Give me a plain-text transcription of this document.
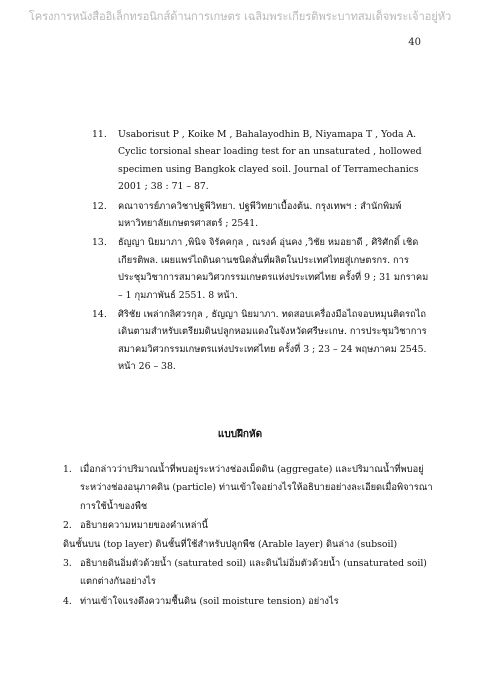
โครงการหนังสืออิเล็กทรอนิกส์ด้านการเกษตร เฉลิมพระเกียรติพระบาทสมเด็จพระเจ้าอยู่หัว
40
11. Usaborisut P , Koike M , Bahalayodhin B, Niyamapa T , Yoda A. Cyclic torsional shear loading test for an unsaturated , hollowed specimen using Bangkok clayed soil. Journal of Terramechanics 2001 ; 38 : 71 – 87.
12. คณาจารย์ภาควิชาปฐพีวิทยา. ปฐพีวิทยาเบื้องต้น. กรุงเทพฯ : สำนักพิมพ์มหาวิทยาลัยเกษตรศาสตร์ ; 2541.
13. ธัญญา นิยมาภา ,พินิจ จิรัคคกุล , ณรงค์ อุ่นคง ,วิชัย หมอยาดี , ศิริศักดิ์ เชิดเกียรติพล. เผยแพร่ไถดินดานชนิดสั่นที่ผลิตในประเทศไทยสู่เกษตรกร. การประชุมวิชาการสมาคมวิศวกรรมเกษตรแห่งประเทศไทย ครั้งที่ 9 ; 31 มกราคม – 1 กุมภาพันธ์ 2551. 8 หน้า.
14. ศิริชัย เพล่ากลิศวรกุล , ธัญญา นิยมาภา. ทดสอบเครื่องมือไถจอบหมุนติดรถไถเดินตามสำหรับเตรียมดินปลูกหอมแดงในจังหวัดศรีษะเกษ. การประชุมวิชาการสมาคมวิศวกรรมเกษตรแห่งประเทศไทย ครั้งที่ 3 ; 23 – 24 พฤษภาคม 2545. หน้า 26 – 38.
แบบฝึกหัด
1. เมื่อกล่าวว่าปริมาณน้ำที่พบอยู่ระหว่างช่องเม็ดดิน (aggregate) และปริมาณน้ำที่พบอยู่ระหว่างช่องอนุภาคดิน (particle) ท่านเข้าใจอย่างไรให้อธิบายอย่างละเอียดเมื่อพิจารณาการใช้น้ำของพืช
2. อธิบายความหมายของคำเหล่านี้
ดินชั้นบน (top layer) ดินชั้นที่ใช้สำหรับปลูกพืช (Arable layer) ดินล่าง (subsoil)
3. อธิบายดินอิ่มตัวด้วยน้ำ (saturated soil) และดินไม่อิ่มตัวด้วยน้ำ (unsaturated soil) แตกต่างกันอย่างไร
4. ท่านเข้าใจแรงดึงความชื้นดิน (soil moisture tension) อย่างไร
